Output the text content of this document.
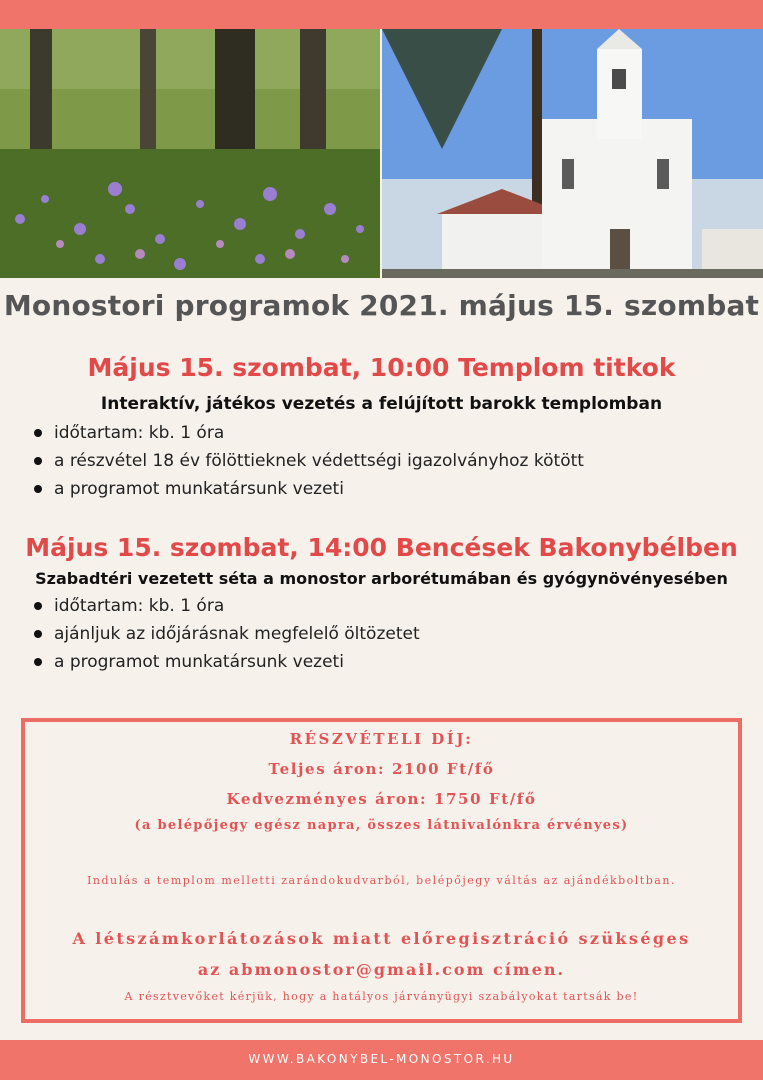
Monostori programok 2021. május 15. szombat
Május 15. szombat, 10:00 Templom titkok
Interaktív, játékos vezetés a felújított barokk templomban
időtartam: kb. 1 óra
a részvétel 18 év fölöttieknek védettségi igazolványhoz kötött
a programot munkatársunk vezeti
Május 15. szombat, 14:00 Bencések Bakonybélben
Szabadtéri vezetett séta a monostor arborétumában és gyógynövényesében
időtartam: kb. 1 óra
ajánljuk az időjárásnak megfelelő öltözetet
a programot munkatársunk vezeti
RÉSZVÉTELI DÍJ:
Teljes áron: 2100 Ft/fő
Kedvezményes áron: 1750 Ft/fő
(a belépőjegy egész napra, összes látnivalónkra érvényes)
Indulás a templom melletti zarándokudvarból, belépőjegy váltás az ajándékboltban.
A létszámkorlátozások miatt előregisztráció szükséges
az abmonostor@gmail.com címen.
A résztvevőket kérjük, hogy a hatályos járványügyi szabályokat tartsák be!
WWW.BAKONYBEL-MONOSTOR.HU
